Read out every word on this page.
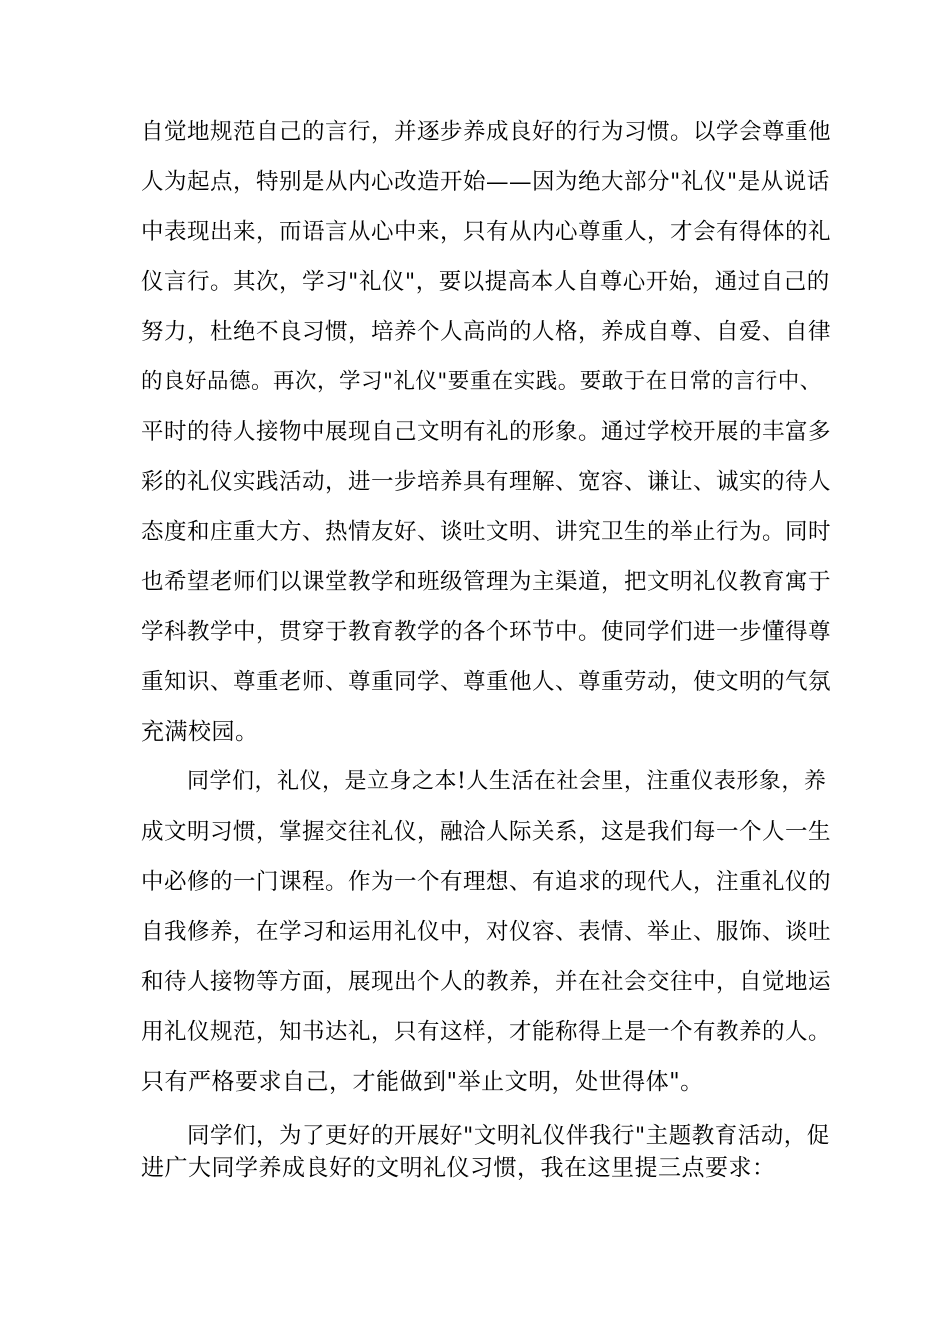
自觉地规范自己的言行，并逐步养成良好的行为习惯。以学会尊重他
人为起点，特别是从内心改造开始——因为绝大部分"礼仪"是从说话
中表现出来，而语言从心中来，只有从内心尊重人，才会有得体的礼
仪言行。其次，学习"礼仪"，要以提高本人自尊心开始，通过自己的
努力，杜绝不良习惯，培养个人高尚的人格，养成自尊、自爱、自律
的良好品德。再次，学习"礼仪"要重在实践。要敢于在日常的言行中、
平时的待人接物中展现自己文明有礼的形象。通过学校开展的丰富多
彩的礼仪实践活动，进一步培养具有理解、宽容、谦让、诚实的待人
态度和庄重大方、热情友好、谈吐文明、讲究卫生的举止行为。同时
也希望老师们以课堂教学和班级管理为主渠道，把文明礼仪教育寓于
学科教学中，贯穿于教育教学的各个环节中。使同学们进一步懂得尊
重知识、尊重老师、尊重同学、尊重他人、尊重劳动，使文明的气氛
充满校园。
同学们，礼仪，是立身之本!人生活在社会里，注重仪表形象，养
成文明习惯，掌握交往礼仪，融洽人际关系，这是我们每一个人一生
中必修的一门课程。作为一个有理想、有追求的现代人，注重礼仪的
自我修养，在学习和运用礼仪中，对仪容、表情、举止、服饰、谈吐
和待人接物等方面，展现出个人的教养，并在社会交往中，自觉地运
用礼仪规范，知书达礼，只有这样，才能称得上是一个有教养的人。
只有严格要求自己，才能做到"举止文明，处世得体"。
同学们，为了更好的开展好"文明礼仪伴我行"主题教育活动，促
进广大同学养成良好的文明礼仪习惯，我在这里提三点要求：
